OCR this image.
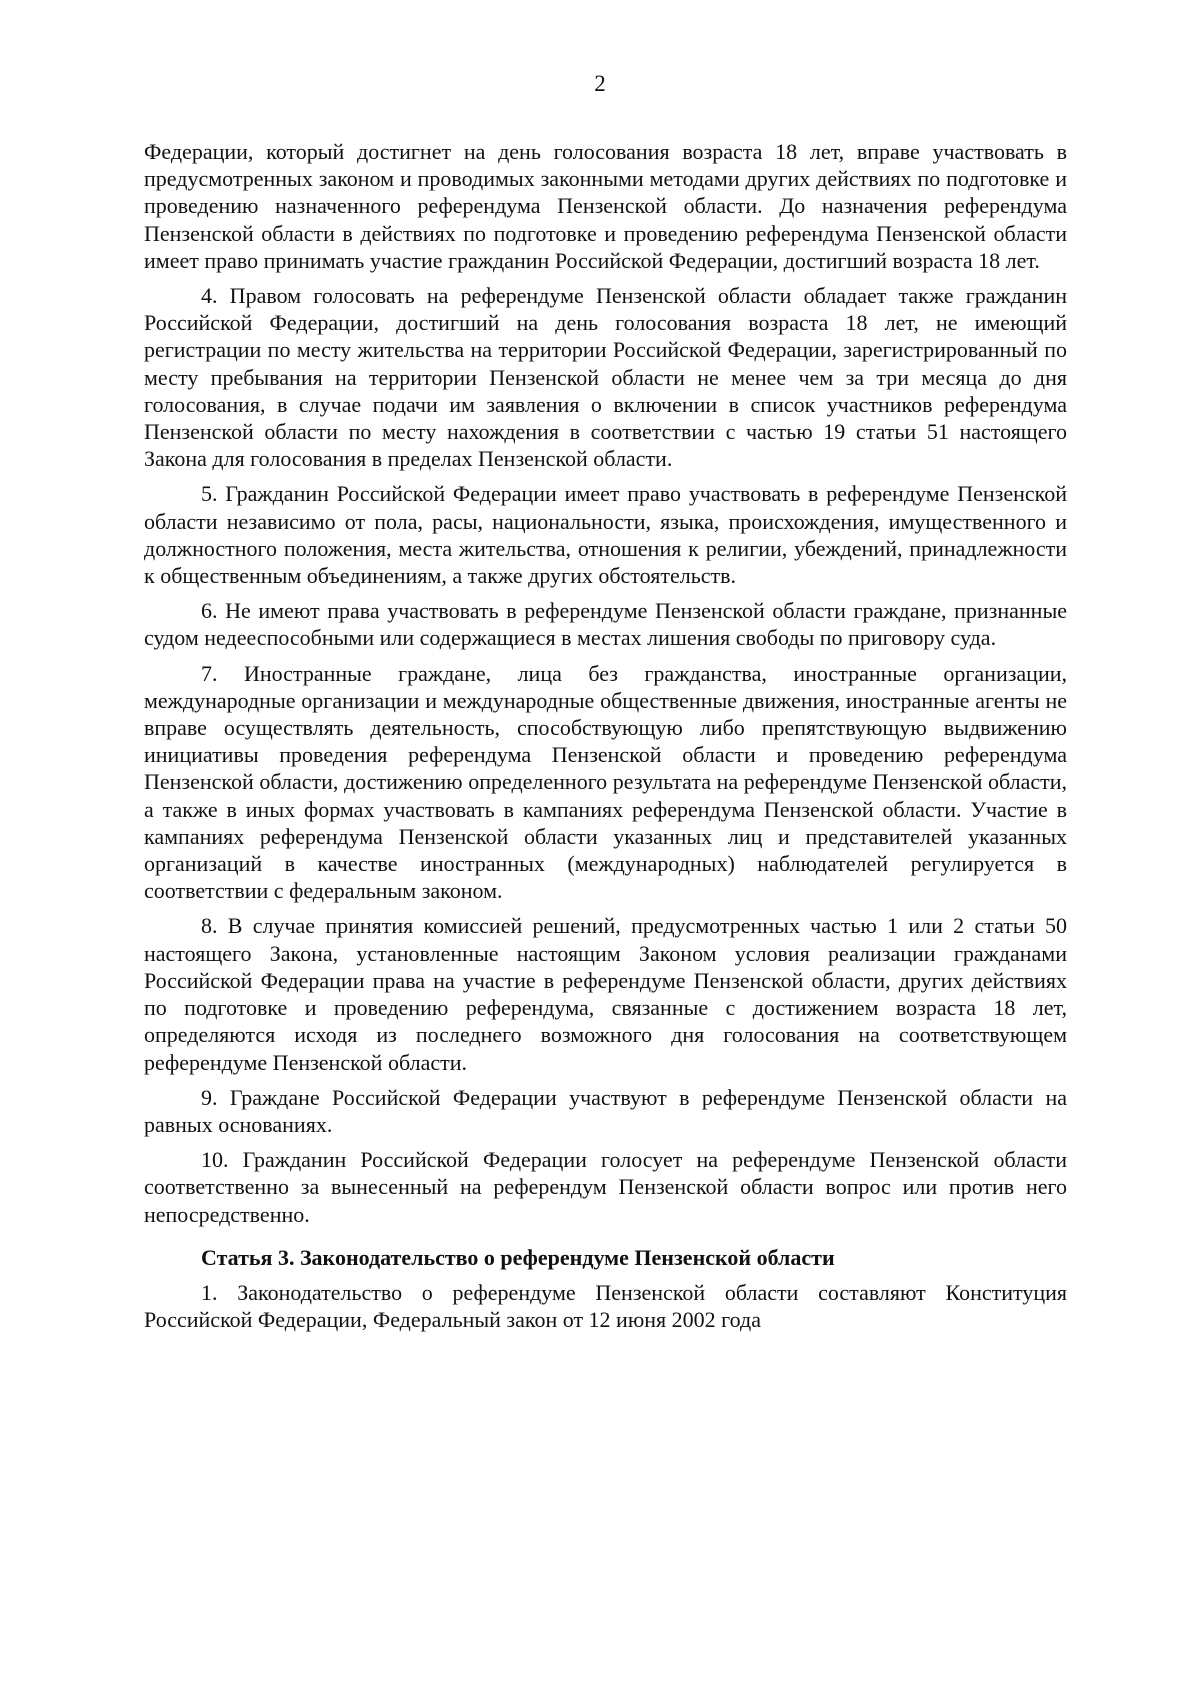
2

Федерации, который достигнет на день голосования возраста 18 лет, вправе участвовать в предусмотренных законом и проводимых законными методами других действиях по подготовке и проведению назначенного референдума Пензенской области. До назначения референдума Пензенской области в действиях по подготовке и проведению референдума Пензенской области имеет право принимать участие гражданин Российской Федерации, достигший возраста 18 лет.

4. Правом голосовать на референдуме Пензенской области обладает также гражданин Российской Федерации, достигший на день голосования возраста 18 лет, не имеющий регистрации по месту жительства на территории Российской Федерации, зарегистрированный по месту пребывания на территории Пензенской области не менее чем за три месяца до дня голосования, в случае подачи им заявления о включении в список участников референдума Пензенской области по месту нахождения в соответствии с частью 19 статьи 51 настоящего Закона для голосования в пределах Пензенской области.

5. Гражданин Российской Федерации имеет право участвовать в референдуме Пензенской области независимо от пола, расы, национальности, языка, происхождения, имущественного и должностного положения, места жительства, отношения к религии, убеждений, принадлежности к общественным объединениям, а также других обстоятельств.

6. Не имеют права участвовать в референдуме Пензенской области граждане, признанные судом недееспособными или содержащиеся в местах лишения свободы по приговору суда.

7. Иностранные граждане, лица без гражданства, иностранные организации, международные организации и международные общественные движения, иностранные агенты не вправе осуществлять деятельность, способствующую либо препятствующую выдвижению инициативы проведения референдума Пензенской области и проведению референдума Пензенской области, достижению определенного результата на референдуме Пензенской области, а также в иных формах участвовать в кампаниях референдума Пензенской области. Участие в кампаниях референдума Пензенской области указанных лиц и представителей указанных организаций в качестве иностранных (международных) наблюдателей регулируется в соответствии с федеральным законом.

8. В случае принятия комиссией решений, предусмотренных частью 1 или 2 статьи 50 настоящего Закона, установленные настоящим Законом условия реализации гражданами Российской Федерации права на участие в референдуме Пензенской области, других действиях по подготовке и проведению референдума, связанные с достижением возраста 18 лет, определяются исходя из последнего возможного дня голосования на соответствующем референдуме Пензенской области.

9. Граждане Российской Федерации участвуют в референдуме Пензенской области на равных основаниях.

10. Гражданин Российской Федерации голосует на референдуме Пензенской области соответственно за вынесенный на референдум Пензенской области вопрос или против него непосредственно.

Статья 3. Законодательство о референдуме Пензенской области

1. Законодательство о референдуме Пензенской области составляют Конституция Российской Федерации, Федеральный закон от 12 июня 2002 года
